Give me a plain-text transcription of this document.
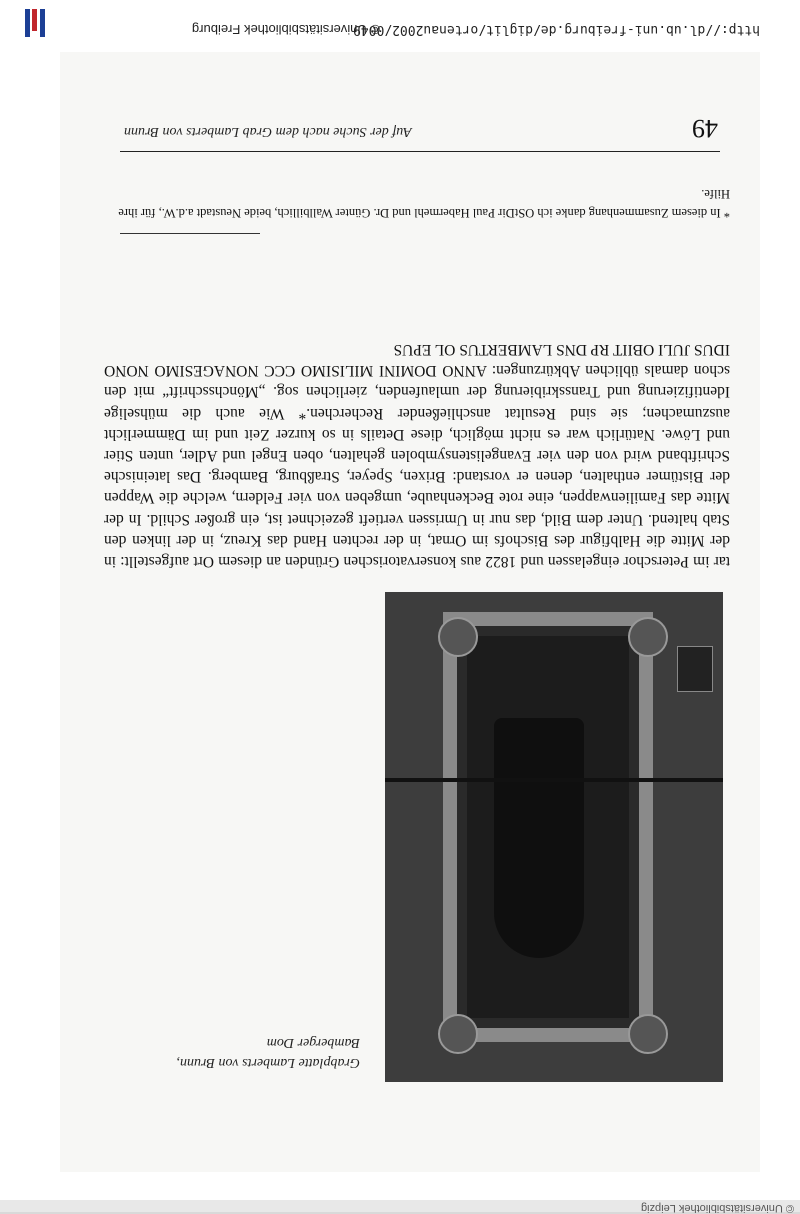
© Universitätsbibliothek Leipzig
49
Auf der Suche nach dem Grab Lamberts von Brunn
Grabplatte Lamberts von Brunn,
Bamberger Dom

tar im Peterschor eingelassen und 1822 aus konservatorischen Gründen an diesem Ort aufgestellt: in der Mitte die Halbfigur des Bischofs im Ornat, in der rechten Hand das Kreuz, in der linken den Stab haltend. Unter dem Bild, das nur in Umrissen vertieft gezeichnet ist, ein großer Schild. In der Mitte das Familienwappen, eine rote Beckenhaube, umgeben von vier Feldern, welche die Wappen der Bistümer enthalten, denen er vorstand: Brixen, Speyer, Straßburg, Bamberg. Das lateinische Schriftband wird von den vier Evangelistensymbolen gehalten, oben Engel und Adler, unten Stier und Löwe. Natürlich war es nicht möglich, diese Details in so kurzer Zeit und im Dämmerlicht auszumachen; sie sind Resultat anschließender Recherchen.* Wie auch die mühselige Identifizierung und Transskribierung der umlaufenden, zierlichen sog. „Mönchsschrift“ mit den schon damals üblichen Abkürzungen: ANNO DOMINI MILISIMO CCC NONAGESIMO NONO IDUS JULI OBIIT RP DNS LAMBERTUS OL EPUS

* In diesem Zusammenhang danke ich OStDir Paul Habermehl und Dr. Günter Wallbillich, beide Neustadt a.d.W., für ihre Hilfe.
http://dl.ub.uni-freiburg.de/diglit/ortenau2002/0049
© Universitätsbibliothek Freiburg
